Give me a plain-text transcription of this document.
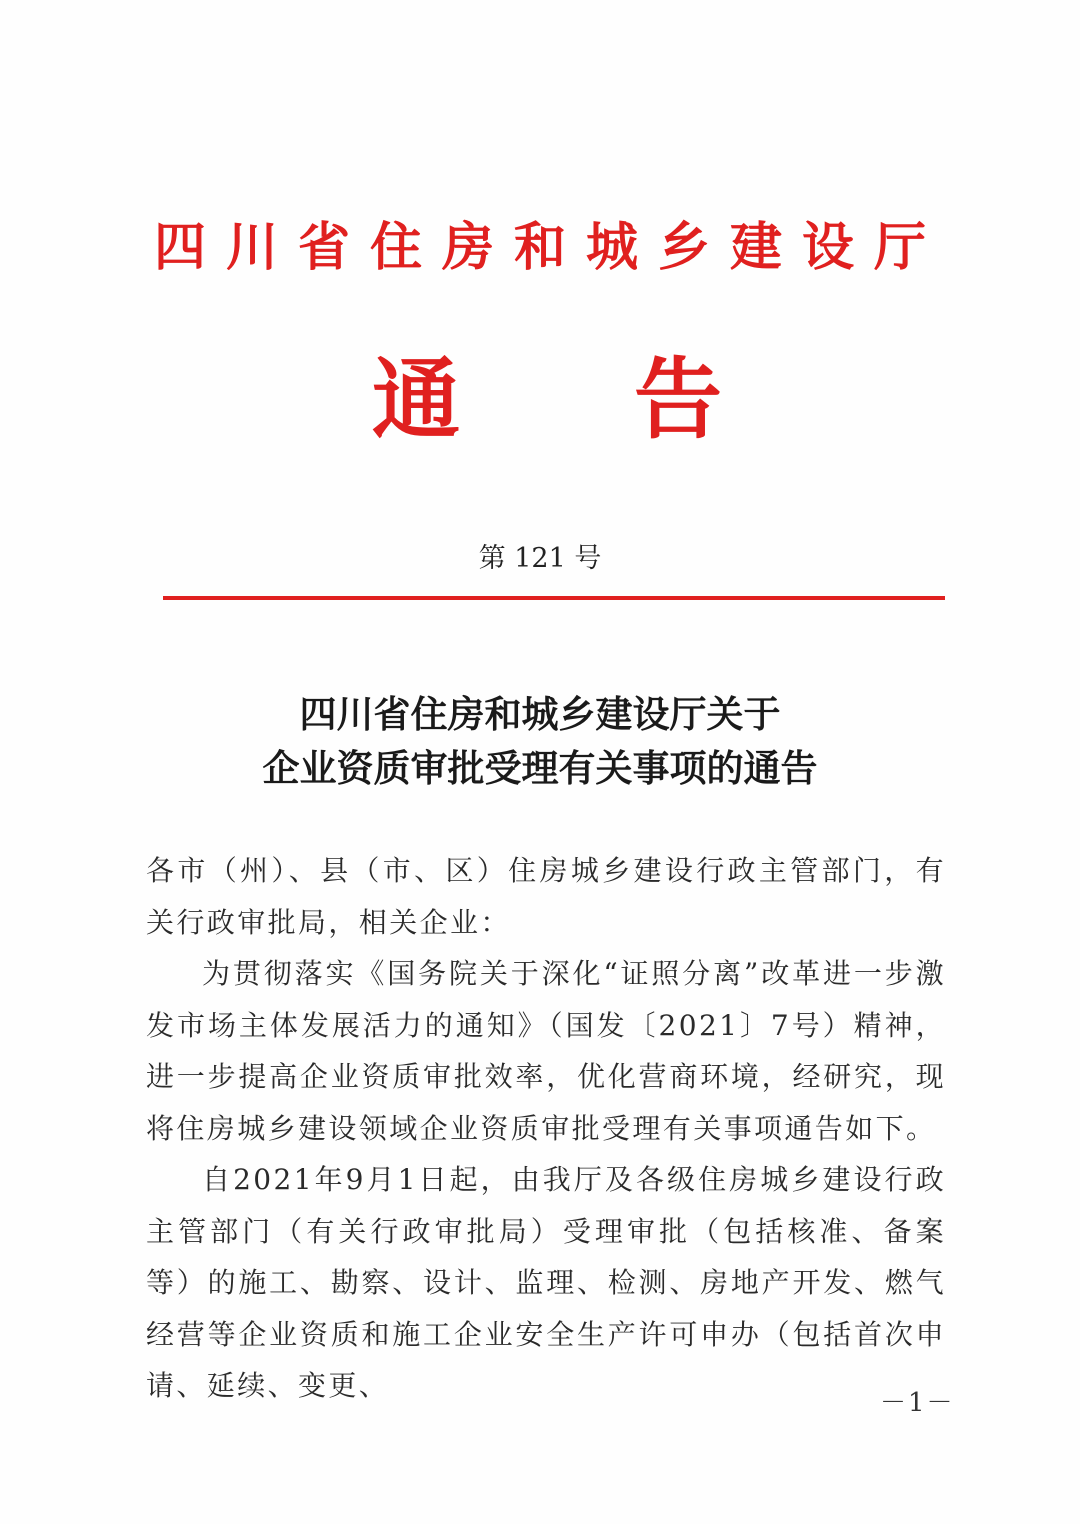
四川省住房和城乡建设厅
通 告
第 121 号
四川省住房和城乡建设厅关于
企业资质审批受理有关事项的通告

各市（州）、县（市、区）住房城乡建设行政主管部门，有关行政审批局，相关企业：

为贯彻落实《国务院关于深化“证照分离”改革进一步激发市场主体发展活力的通知》（国发〔2021〕7号）精神，进一步提高企业资质审批效率，优化营商环境，经研究，现将住房城乡建设领域企业资质审批受理有关事项通告如下。

自2021年9月1日起，由我厅及各级住房城乡建设行政主管部门（有关行政审批局）受理审批（包括核准、备案等）的施工、勘察、设计、监理、检测、房地产开发、燃气经营等企业资质和施工企业安全生产许可申办（包括首次申请、延续、变更、

－1－
